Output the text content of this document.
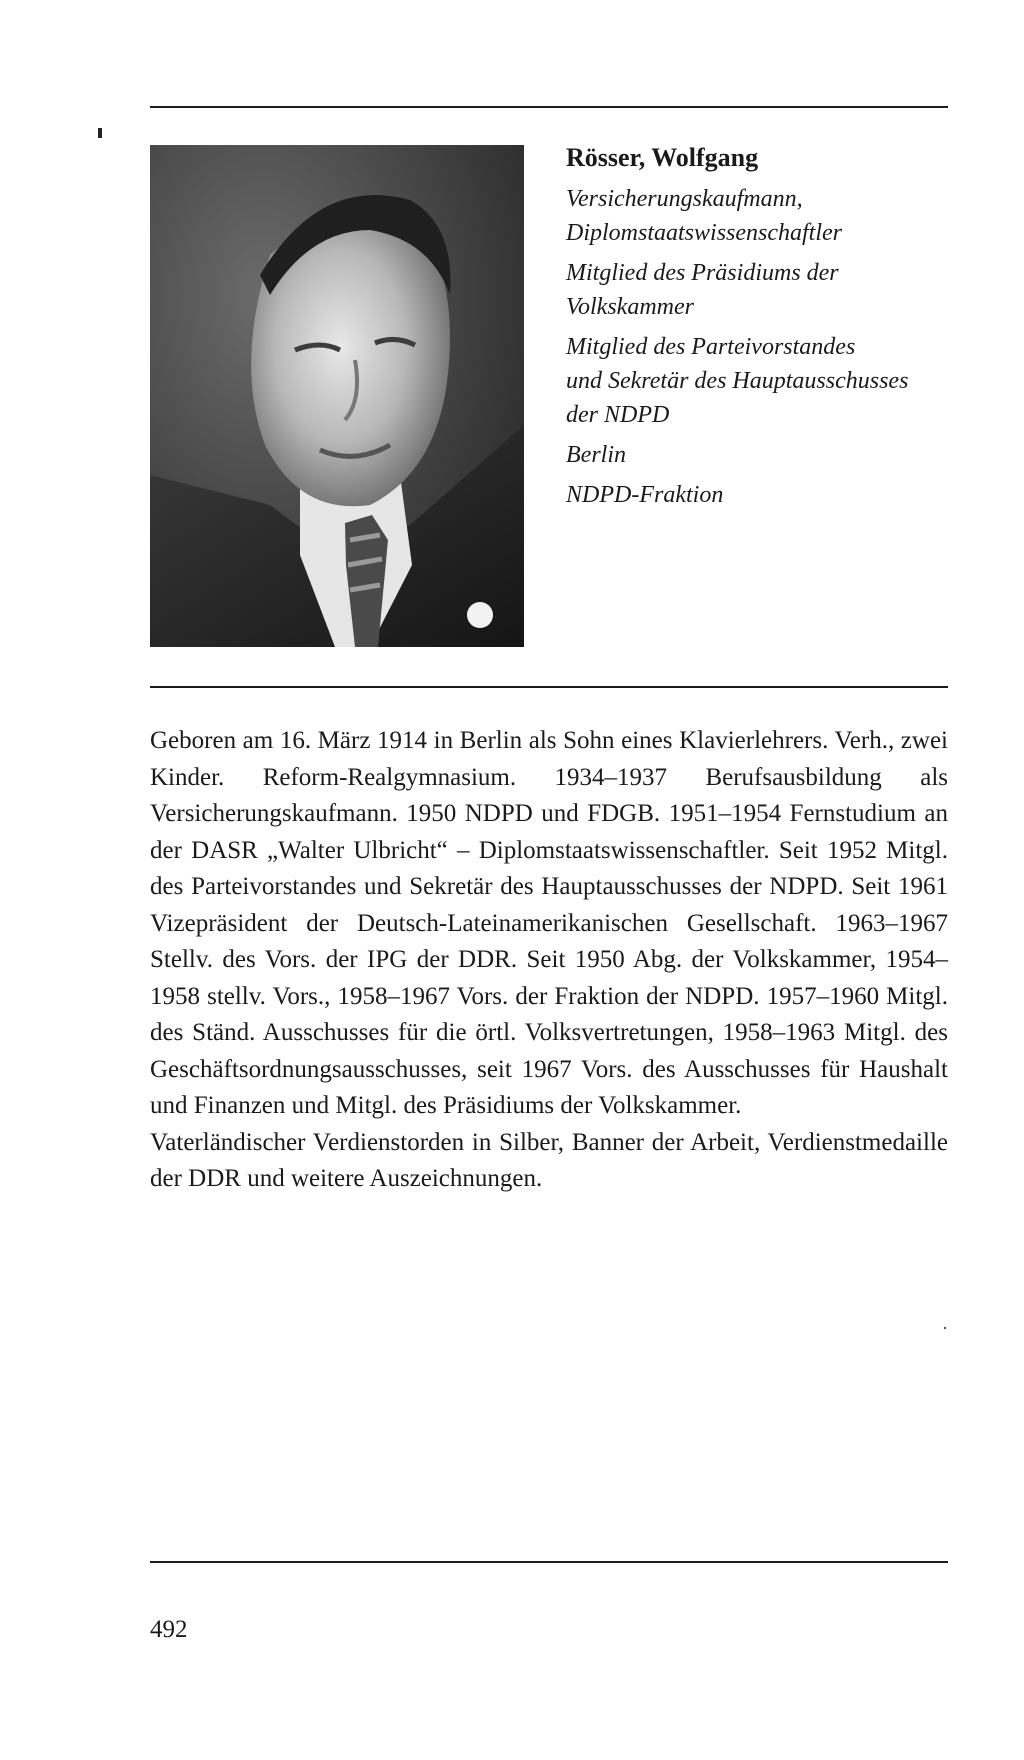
Rösser, Wolfgang

Versicherungskaufmann,

Diplomstaatswissenschaftler

Mitglied des Präsidiums der

Volkskammer

Mitglied des Parteivorstandes

und Sekretär des Hauptausschusses

der NDPD

Berlin

NDPD-Fraktion

Geboren am 16. März 1914 in Berlin als Sohn eines Klavierlehrers. Verh., zwei Kinder. Reform-Realgymnasium. 1934–1937 Berufsausbildung als Versicherungskaufmann. 1950 NDPD und FDGB. 1951–1954 Fernstudium an der DASR „Walter Ulbricht“ – Diplomstaatswissenschaftler. Seit 1952 Mitgl. des Parteivorstandes und Sekretär des Hauptausschusses der NDPD. Seit 1961 Vizepräsident der Deutsch-Lateinamerikanischen Gesellschaft. 1963–1967 Stellv. des Vors. der IPG der DDR. Seit 1950 Abg. der Volkskammer, 1954–1958 stellv. Vors., 1958–1967 Vors. der Fraktion der NDPD. 1957–1960 Mitgl. des Ständ. Ausschusses für die örtl. Volksvertretungen, 1958–1963 Mitgl. des Geschäftsordnungsausschusses, seit 1967 Vors. des Ausschusses für Haushalt und Finanzen und Mitgl. des Präsidiums der Volkskammer.

Vaterländischer Verdienstorden in Silber, Banner der Arbeit, Verdienstmedaille der DDR und weitere Auszeichnungen.

492
